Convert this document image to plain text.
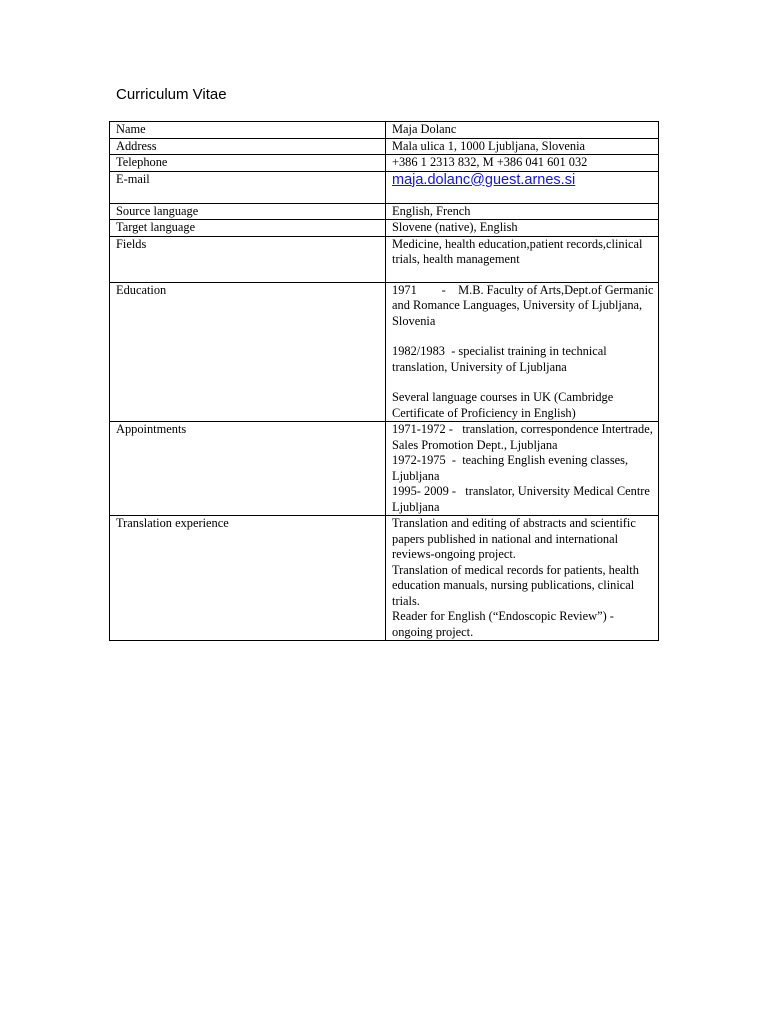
Curriculum Vitae
Name	Maja Dolanc
Address	Mala ulica 1, 1000 Ljubljana, Slovenia
Telephone	+386 1 2313 832, M +386 041 601 032
E-mail	maja.dolanc@guest.arnes.si
Source language	English, French
Target language	Slovene (native), English
Fields	Medicine, health education,patient records,clinical trials, health management
Education	1971        -    M.B. Faculty of Arts,Dept.of Germanic and Romance Languages, University of Ljubljana, Slovenia
1982/1983  - specialist training in technical translation, University of Ljubljana
Several language courses in UK (Cambridge Certificate of Proficiency in English)

Appointments	1971-1972 -   translation, correspondence Intertrade, Sales Promotion Dept., Ljubljana
1972-1975  -  teaching English evening classes, Ljubljana
1995- 2009 -   translator, University Medical Centre Ljubljana

Translation experience	Translation and editing of abstracts and scientific papers published in national and international reviews-ongoing project.
Translation of medical records for patients, health education manuals, nursing publications, clinical trials.
Reader for English (“Endoscopic Review”) - ongoing project.
